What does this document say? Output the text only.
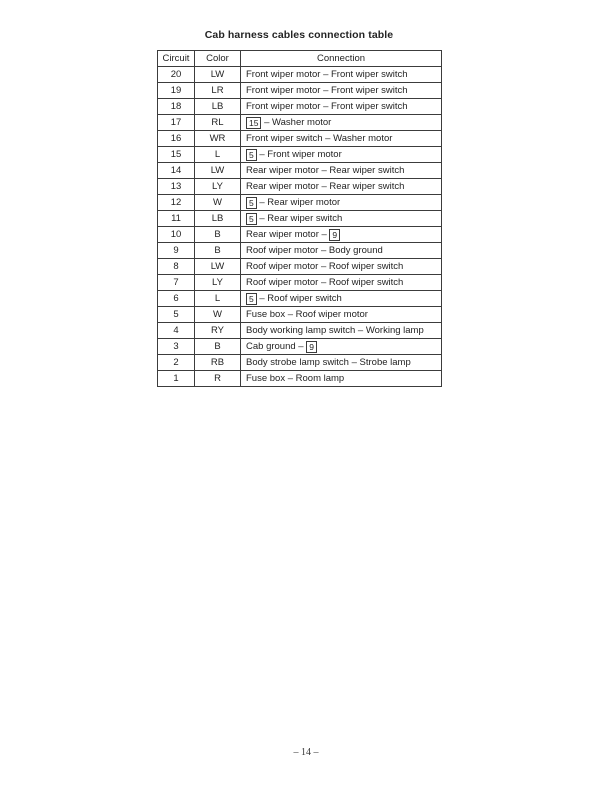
Cab harness cables connection table
Circuit	Color	Connection
20	LW	Front wiper motor – Front wiper switch
19	LR	Front wiper motor – Front wiper switch
18	LB	Front wiper motor – Front wiper switch
17	RL	15 – Washer motor
16	WR	Front wiper switch – Washer motor
15	L	5 – Front wiper motor
14	LW	Rear wiper motor – Rear wiper switch
13	LY	Rear wiper motor – Rear wiper switch
12	W	5 – Rear wiper motor
11	LB	5 – Rear wiper switch
10	B	Rear wiper motor – 9
9	B	Roof wiper motor – Body ground
8	LW	Roof wiper motor – Roof wiper switch
7	LY	Roof wiper motor – Roof wiper switch
6	L	5 – Roof wiper switch
5	W	Fuse box – Roof wiper motor
4	RY	Body working lamp switch – Working lamp
3	B	Cab ground – 9
2	RB	Body strobe lamp switch – Strobe lamp
1	R	Fuse box – Room lamp
– 14 –
